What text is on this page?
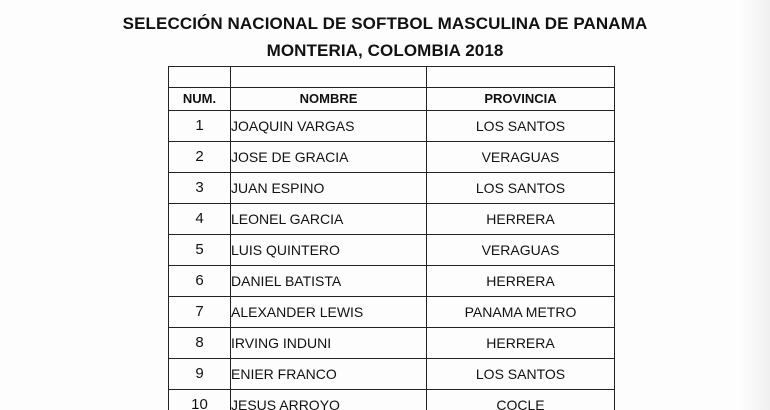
SELECCIÓN NACIONAL DE SOFTBOL MASCULINA DE PANAMA
MONTERIA, COLOMBIA 2018

NUM.	NOMBRE	PROVINCIA
1	JOAQUIN VARGAS	LOS SANTOS
2	JOSE DE GRACIA	VERAGUAS
3	JUAN ESPINO	LOS SANTOS
4	LEONEL GARCIA	HERRERA
5	LUIS QUINTERO	VERAGUAS
6	DANIEL BATISTA	HERRERA
7	ALEXANDER LEWIS	PANAMA METRO
8	IRVING INDUNI	HERRERA
9	ENIER FRANCO	LOS SANTOS
10	JESUS ARROYO	COCLE
